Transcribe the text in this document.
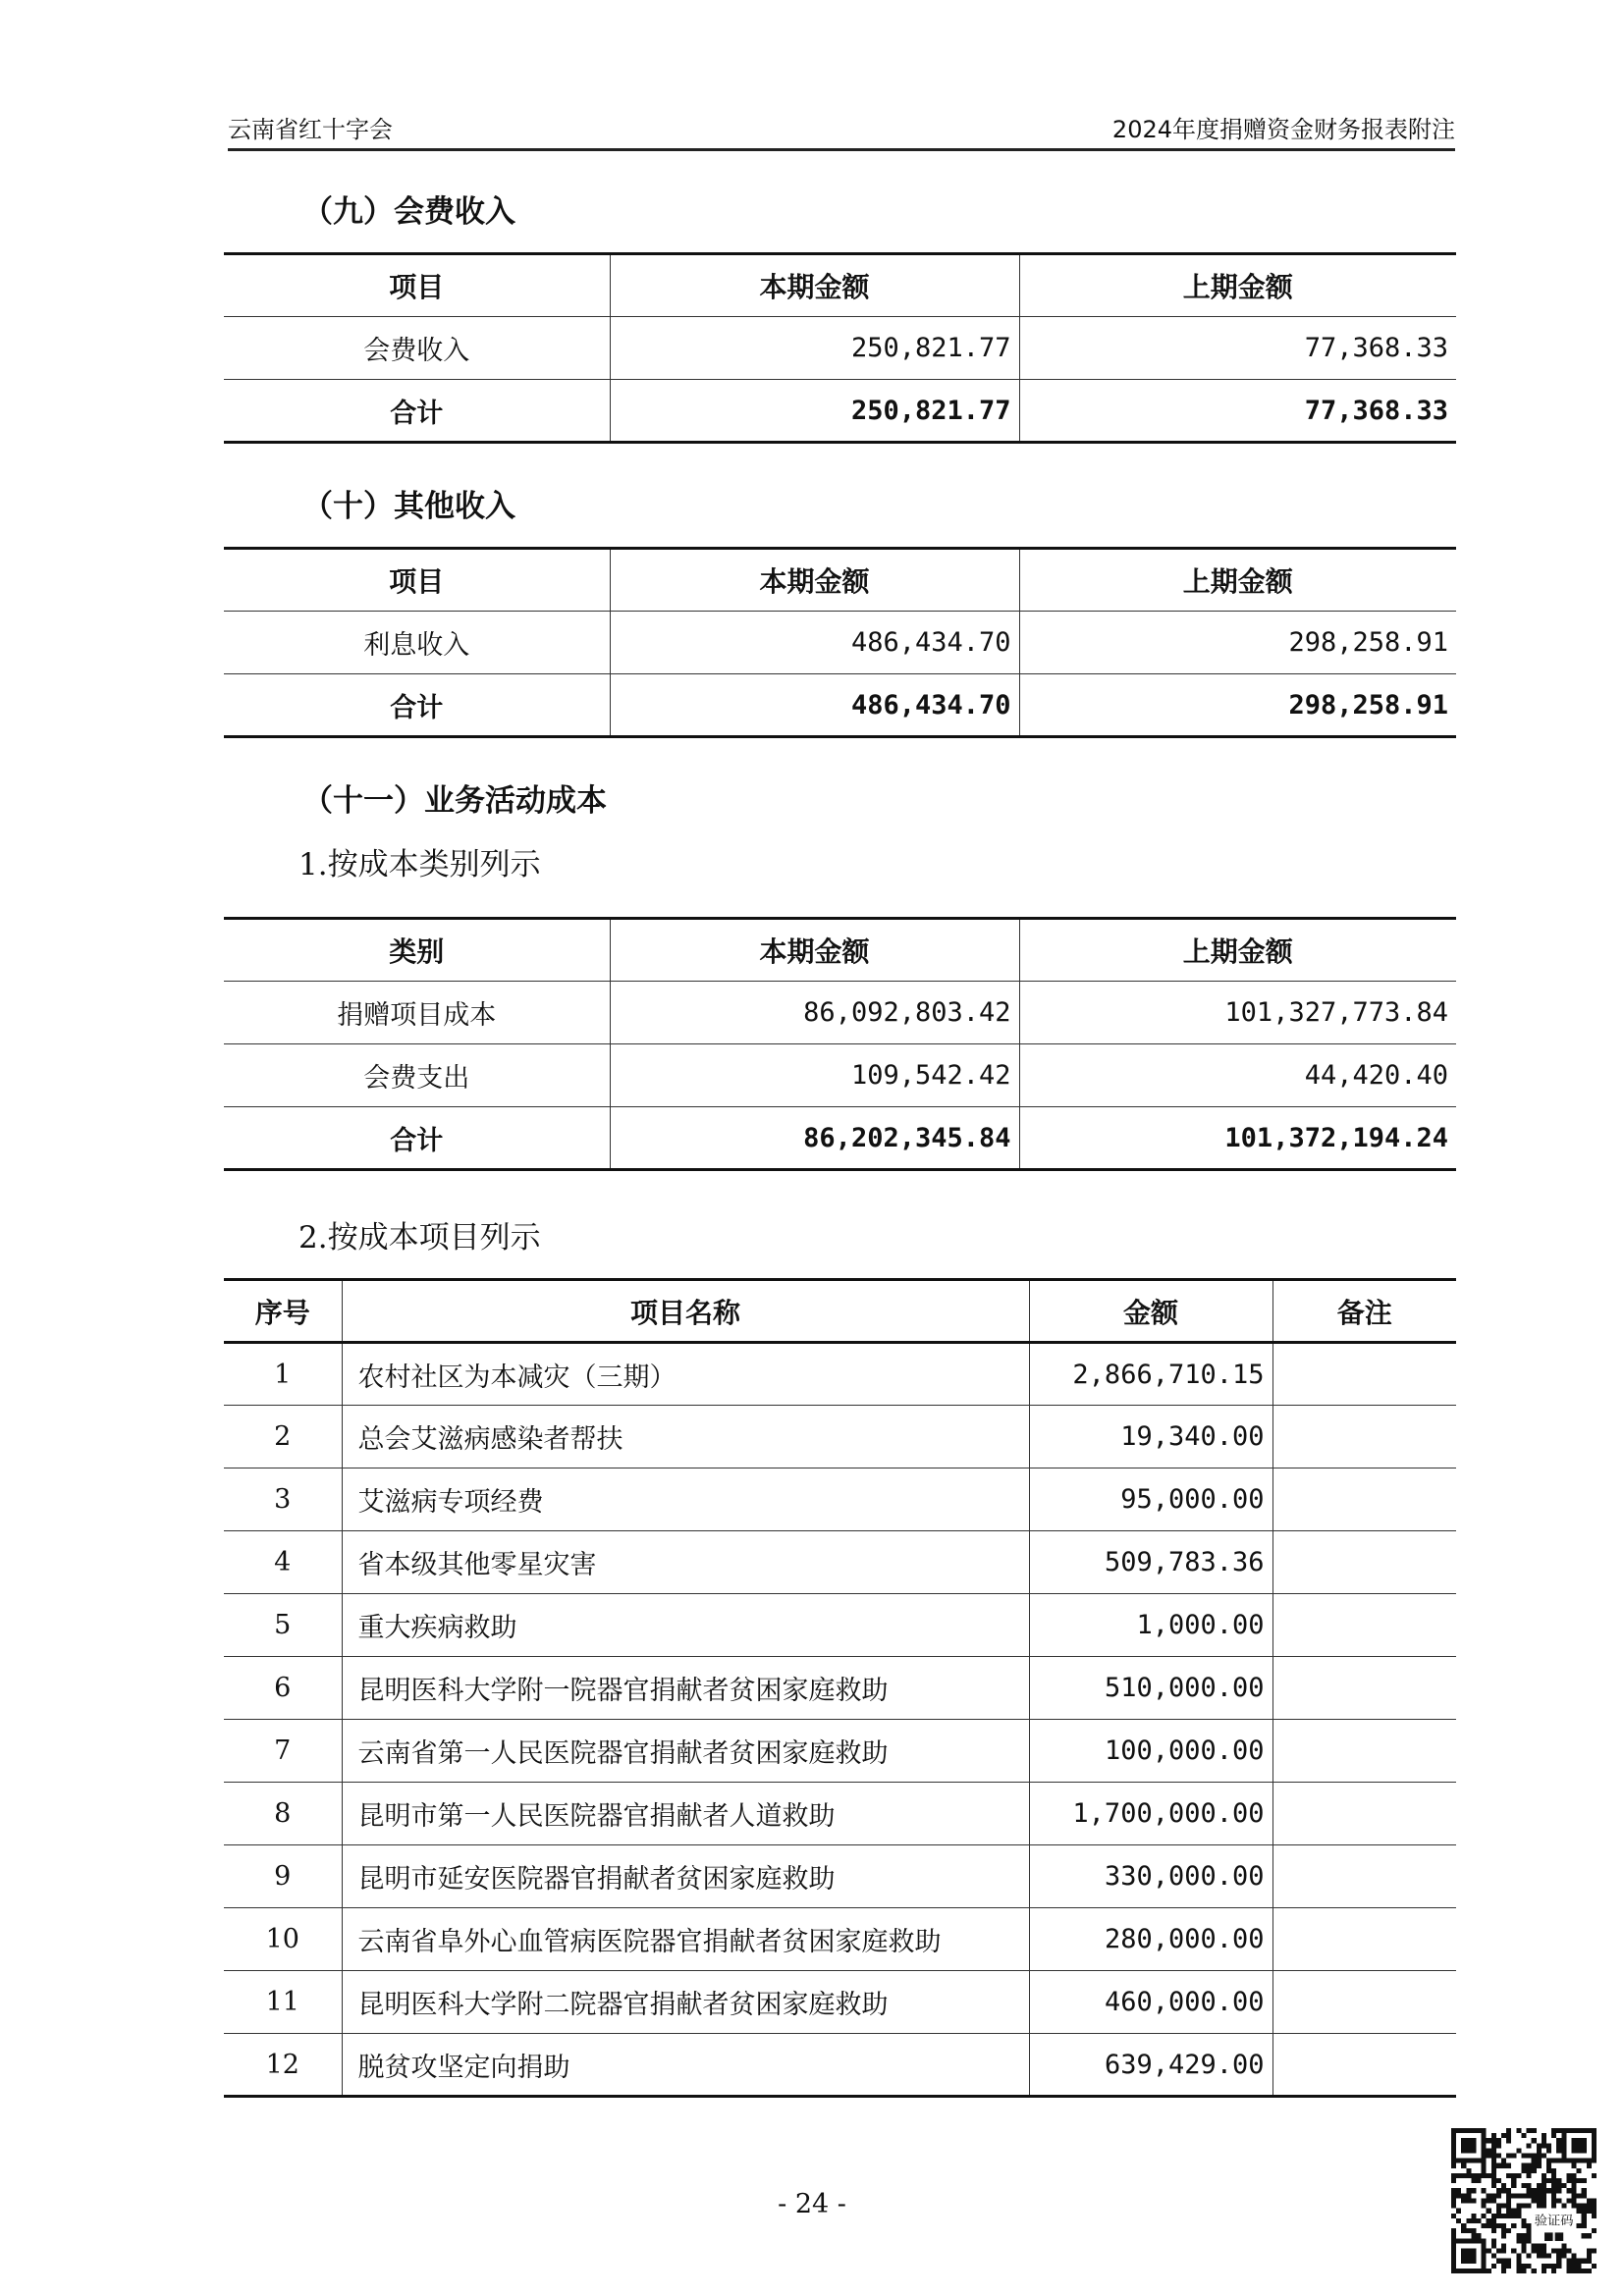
云南省红十字会	2024年度捐赠资金财务报表附注
（九）会费收入
项目	本期金额	上期金额
会费收入	250,821.77	77,368.33
合计	250,821.77	77,368.33
（十）其他收入
项目	本期金额	上期金额
利息收入	486,434.70	298,258.91
合计	486,434.70	298,258.91
（十一）业务活动成本
1.按成本类别列示
类别	本期金额	上期金额
捐赠项目成本	86,092,803.42	101,327,773.84
会费支出	109,542.42	44,420.40
合计	86,202,345.84	101,372,194.24
2.按成本项目列示
序号	项目名称	金额	备注
1	农村社区为本减灾（三期）	2,866,710.15	
2	总会艾滋病感染者帮扶	19,340.00	
3	艾滋病专项经费	95,000.00	
4	省本级其他零星灾害	509,783.36	
5	重大疾病救助	1,000.00	
6	昆明医科大学附一院器官捐献者贫困家庭救助	510,000.00	
7	云南省第一人民医院器官捐献者贫困家庭救助	100,000.00	
8	昆明市第一人民医院器官捐献者人道救助	1,700,000.00	
9	昆明市延安医院器官捐献者贫困家庭救助	330,000.00	
10	云南省阜外心血管病医院器官捐献者贫困家庭救助	280,000.00	
11	昆明医科大学附二院器官捐献者贫困家庭救助	460,000.00	
12	脱贫攻坚定向捐助	639,429.00	
- 24 -
验证码
■■
